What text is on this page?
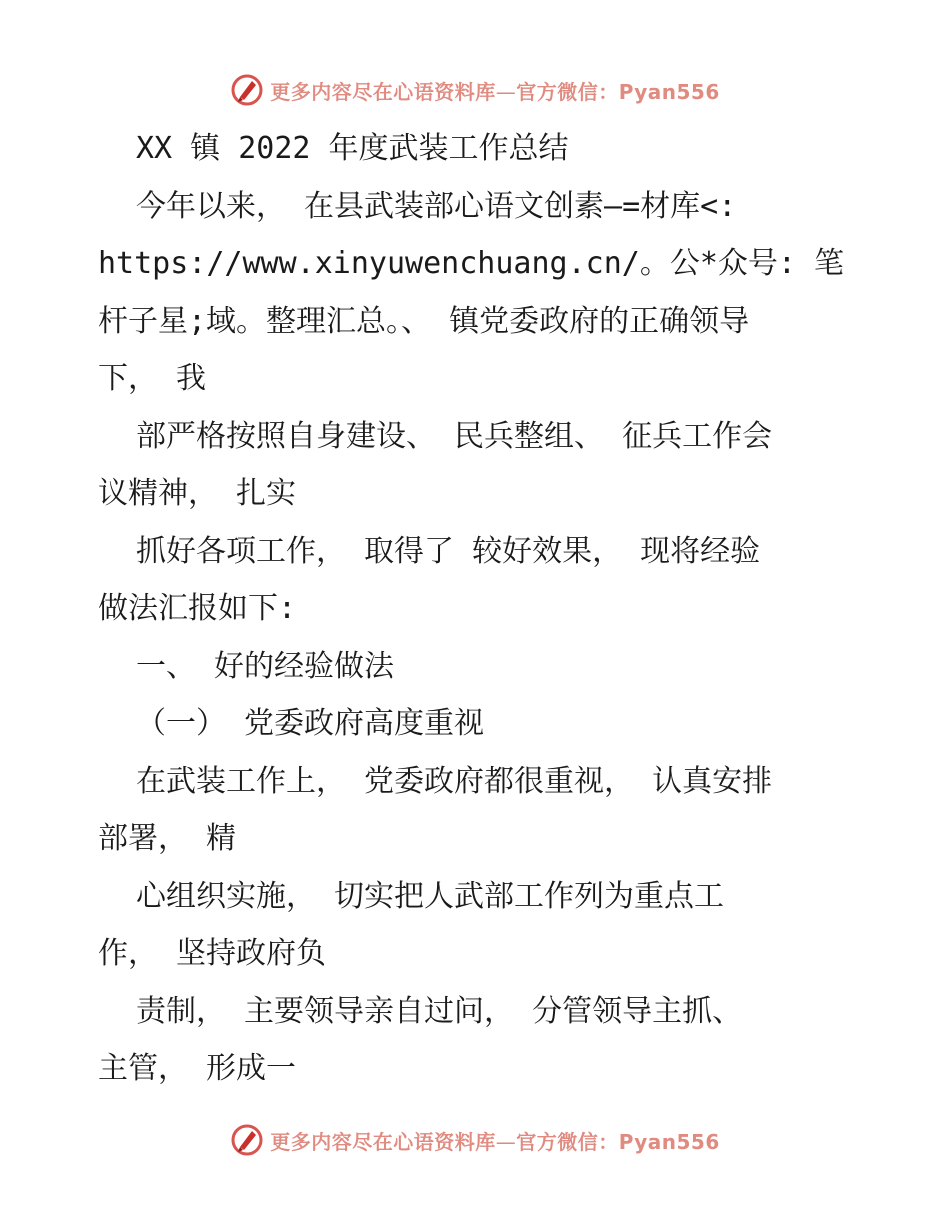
更多内容尽在心语资料库—官方微信：Pyan556
XX 镇 2022 年度武装工作总结
今年以来， 在县武装部心语文创素—=材库<:
https://www.xinyuwenchuang.cn/。公*众号: 笔
杆子星;域。整理汇总。、 镇党委政府的正确领导
下， 我
部严格按照自身建设、 民兵整组、 征兵工作会
议精神， 扎实
抓好各项工作， 取得了 较好效果， 现将经验
做法汇报如下:
一、 好的经验做法
（一） 党委政府高度重视
在武装工作上， 党委政府都很重视， 认真安排
部署， 精
心组织实施， 切实把人武部工作列为重点工
作， 坚持政府负
责制， 主要领导亲自过问， 分管领导主抓、
主管， 形成一
更多内容尽在心语资料库—官方微信：Pyan556
